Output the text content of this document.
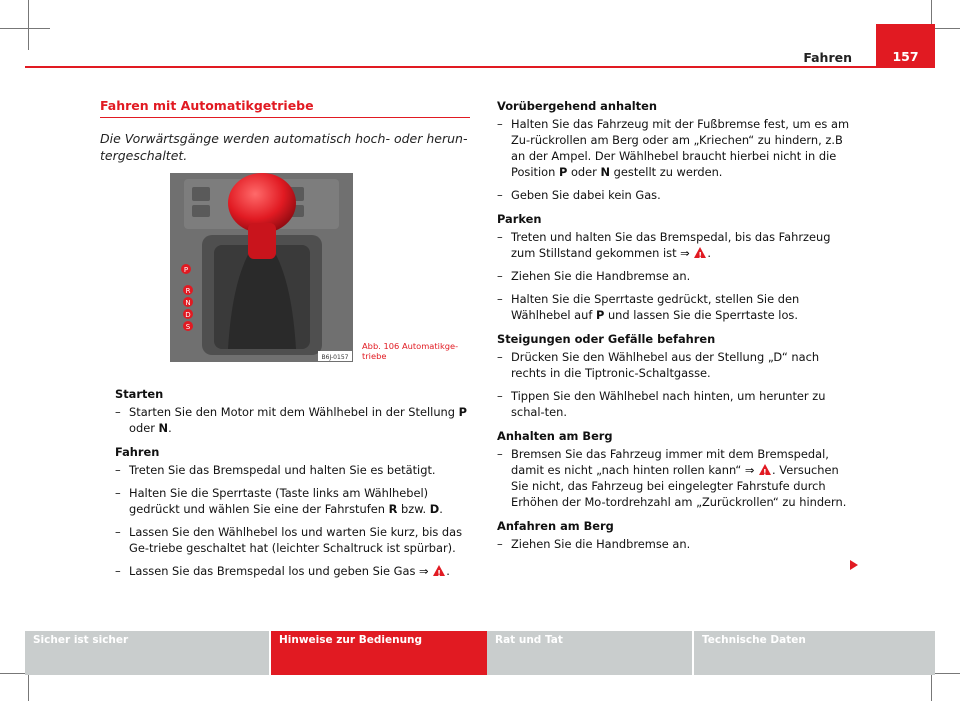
Fahren	157
Fahren mit Automatikgetriebe
Die Vorwärtsgänge werden automatisch hoch- oder herun-tergeschaltet.
P
R
N
D
S
B6J-0157
Abb. 106 Automatikge-triebe
Starten
– Starten Sie den Motor mit dem Wählhebel in der Stellung P oder N.
Fahren
– Treten Sie das Bremspedal und halten Sie es betätigt.
– Halten Sie die Sperrtaste (Taste links am Wählhebel) gedrückt und wählen Sie eine der Fahrstufen R bzw. D.
– Lassen Sie den Wählhebel los und warten Sie kurz, bis das Ge-triebe geschaltet hat (leichter Schaltruck ist spürbar).
– Lassen Sie das Bremspedal los und geben Sie Gas ⇒ !.
Vorübergehend anhalten
– Halten Sie das Fahrzeug mit der Fußbremse fest, um es am Zu-rückrollen am Berg oder am „Kriechen“ zu hindern, z.B an der Ampel. Der Wählhebel braucht hierbei nicht in die Position P oder N gestellt zu werden.
– Geben Sie dabei kein Gas.
Parken
– Treten und halten Sie das Bremspedal, bis das Fahrzeug zum Stillstand gekommen ist ⇒ !.
– Ziehen Sie die Handbremse an.
– Halten Sie die Sperrtaste gedrückt, stellen Sie den Wählhebel auf P und lassen Sie die Sperrtaste los.
Steigungen oder Gefälle befahren
– Drücken Sie den Wählhebel aus der Stellung „D“ nach rechts in die Tiptronic-Schaltgasse.
– Tippen Sie den Wählhebel nach hinten, um herunter zu schal-ten.
Anhalten am Berg
– Bremsen Sie das Fahrzeug immer mit dem Bremspedal, damit es nicht „nach hinten rollen kann“ ⇒ !. Versuchen Sie nicht, das Fahrzeug bei eingelegter Fahrstufe durch Erhöhen der Mo-tordrehzahl am „Zurückrollen“ zu hindern.
Anfahren am Berg
– Ziehen Sie die Handbremse an.
Sicher ist sicher	Hinweise zur Bedienung	Rat und Tat	Technische Daten
